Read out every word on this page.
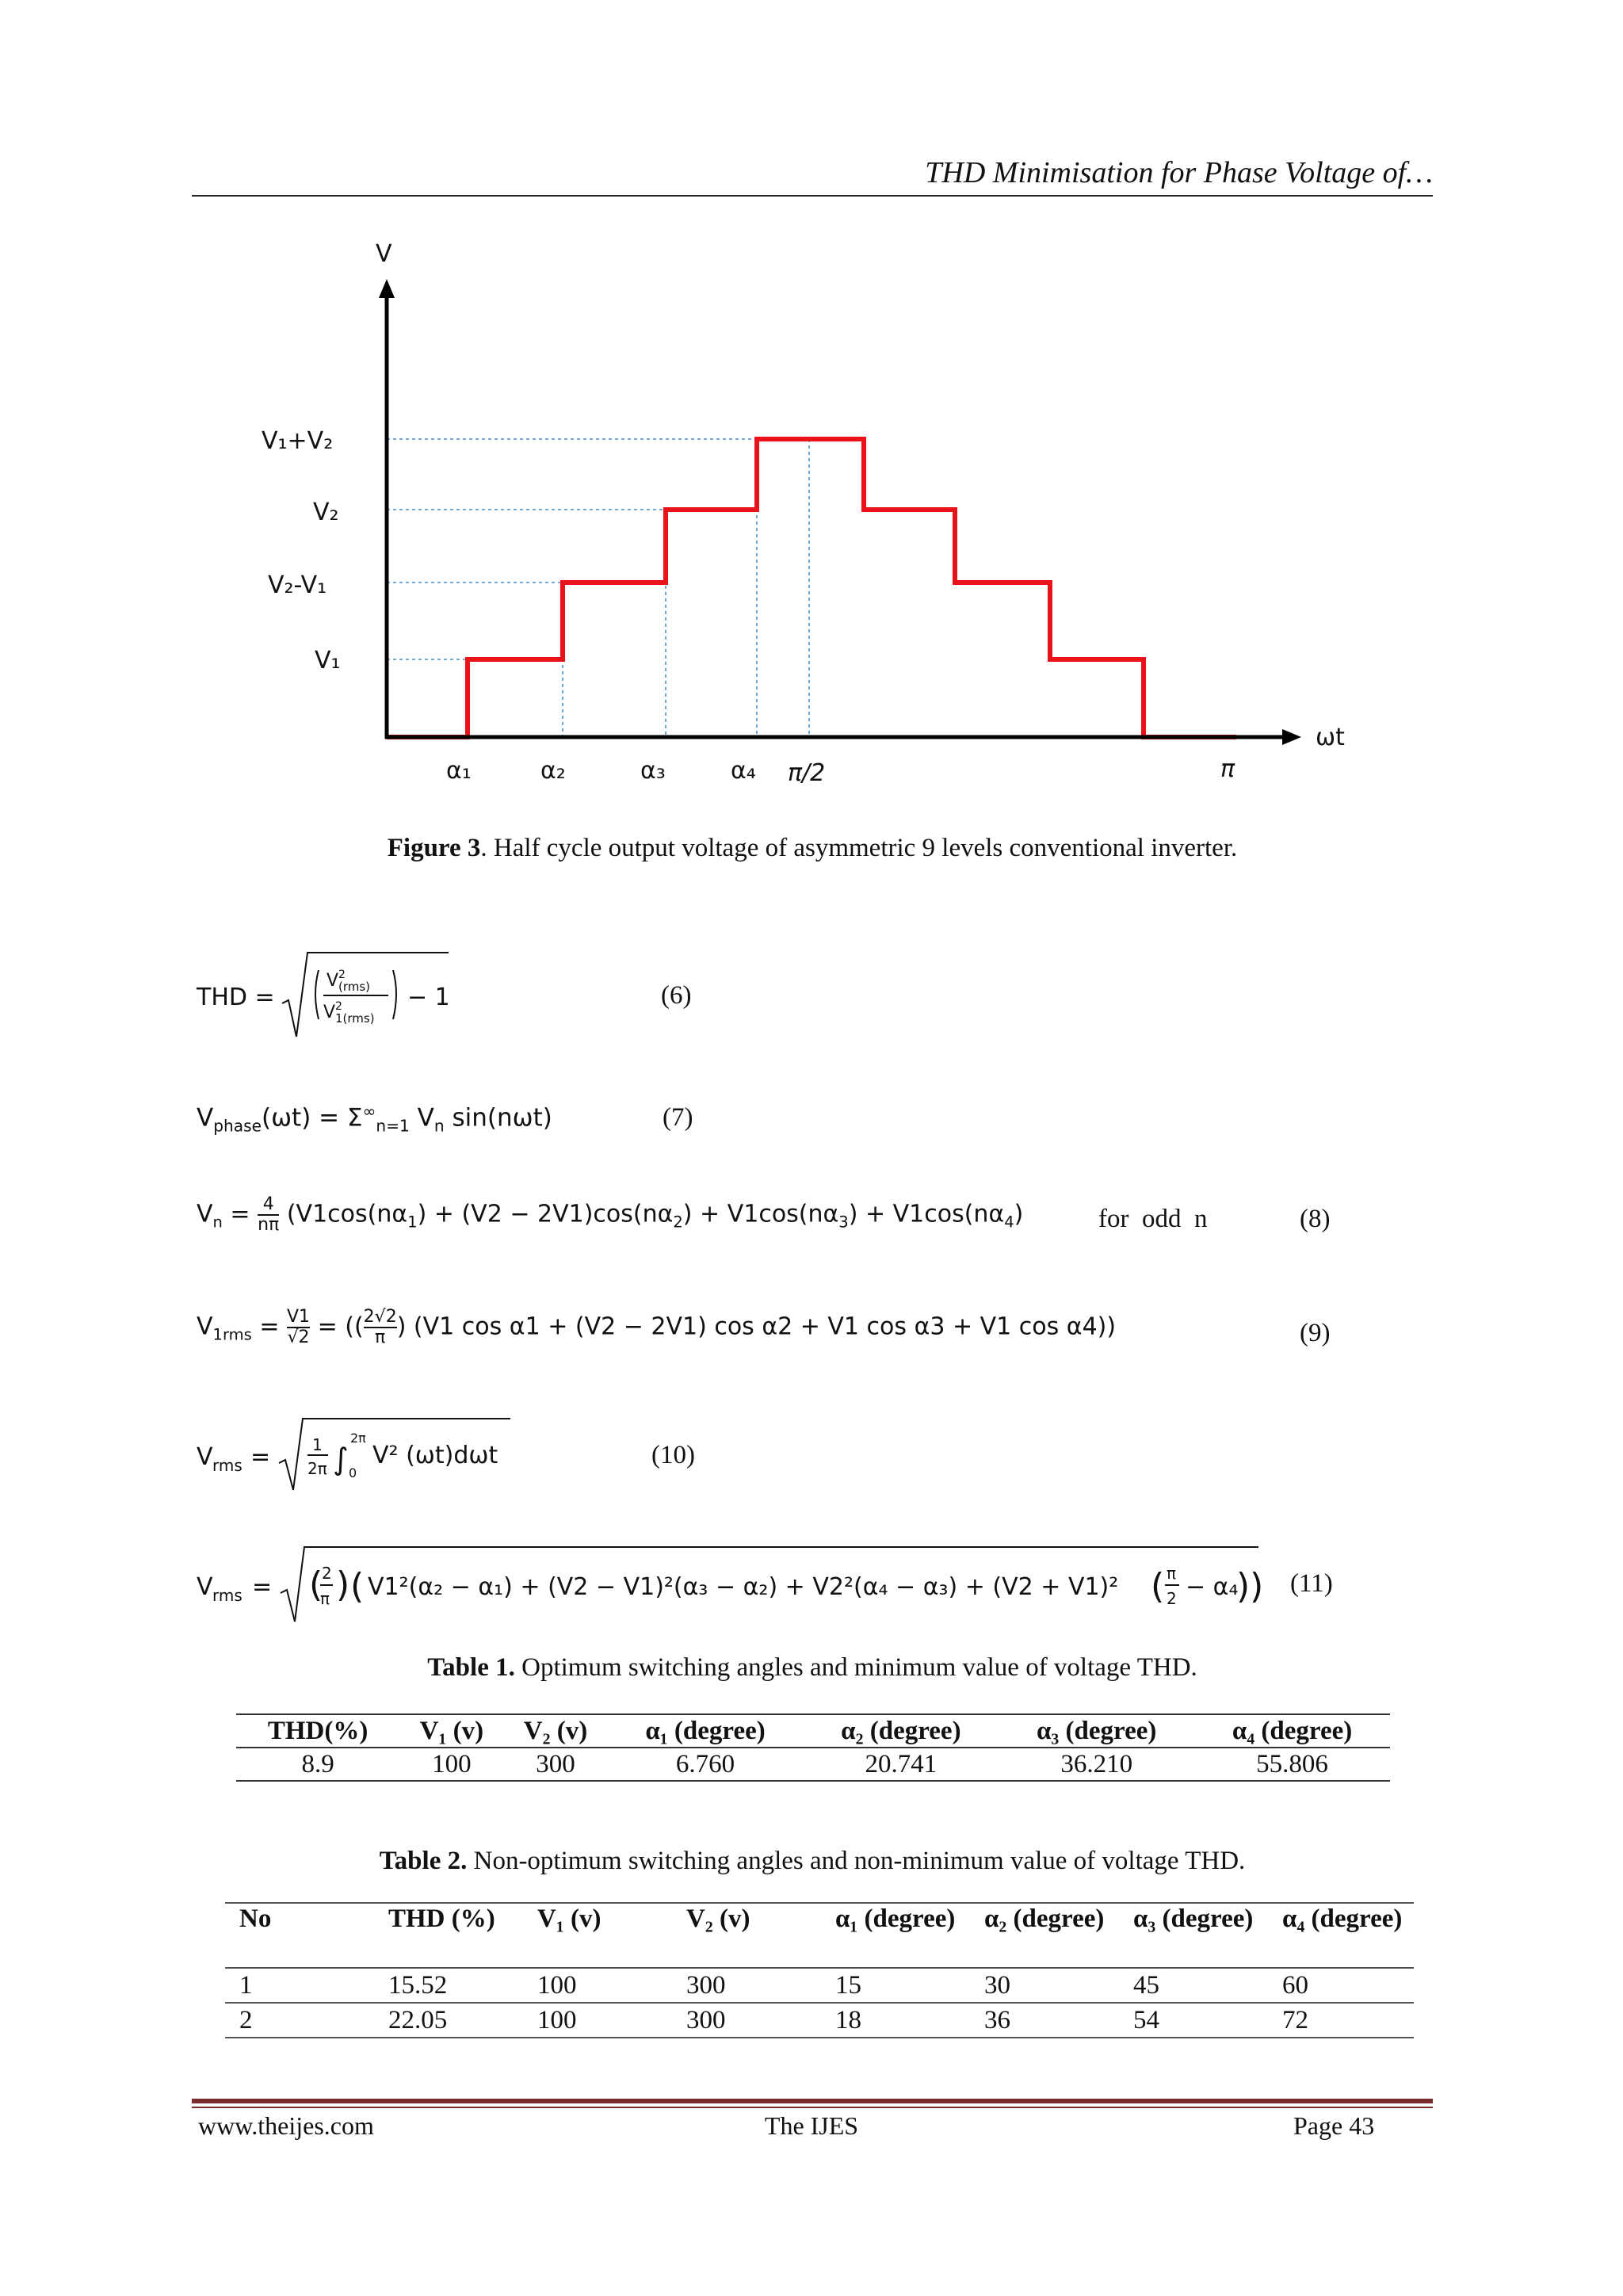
THD Minimisation for Phase Voltage of…
V
ωt
V₁+V₂
V₂
V₂-V₁
V₁
α₁	α₂	α₃	α₄ π/2	π
Figure 3. Half cycle output voltage of asymmetric 9 levels conventional inverter.
THD =
V 2
(rms)
V 2
1(rms)
− 1	(6)
$V_{phase}(\omega t) = \Sigma^\infty_{n=1}$ $V_n$ sin(nωt)	(7)
$V_n = \frac{4}{n\pi} (V1\cos(n\alpha_1) + (V2 - 2V1)\cos(n\alpha_2) + V1\cos(n\alpha_3) + V1\cos(n\alpha_4)$	for  odd  n	(8)
$V_{1rms} = \frac{V1}{√2}$ = (( $\frac{2√2}{\pi}$ ) (V1 cos α1 + (V2 − 2V1) cos α2 + V1 cos α3 + V1 cos α4))	(9)
V rms =	1
2π ∫
2π
0
V² (ωt)dωt	(10)
V rms = (
2
π ) ( V1²(α₂ − α₁) + (V2 − V1)²(α₃ − α₂) + V2²(α₄ − α₃) + (V2 + V1)² ( π
2 − α₄
)) (11)
Table 1. Optimum switching angles and minimum value of voltage THD.
THD(%)	V₁ (v)	V₂ (v)	α₁ (degree)	α₂ (degree)	α₃ (degree)	α₄ (degree)
8.9	100	300	6.760	20.741	36.210	55.806
Table 2. Non-optimum switching angles and non-minimum value of voltage THD.
No	THD (%)	V₁ (v)	V₂ (v)	α₁ (degree)	α₂ (degree)	α₃ (degree)	α₄ (degree)
1	15.52	100	300	15	30	45	60
2	22.05	100	300	18	36	54	72
www.theijes.com	The IJES	Page 43
